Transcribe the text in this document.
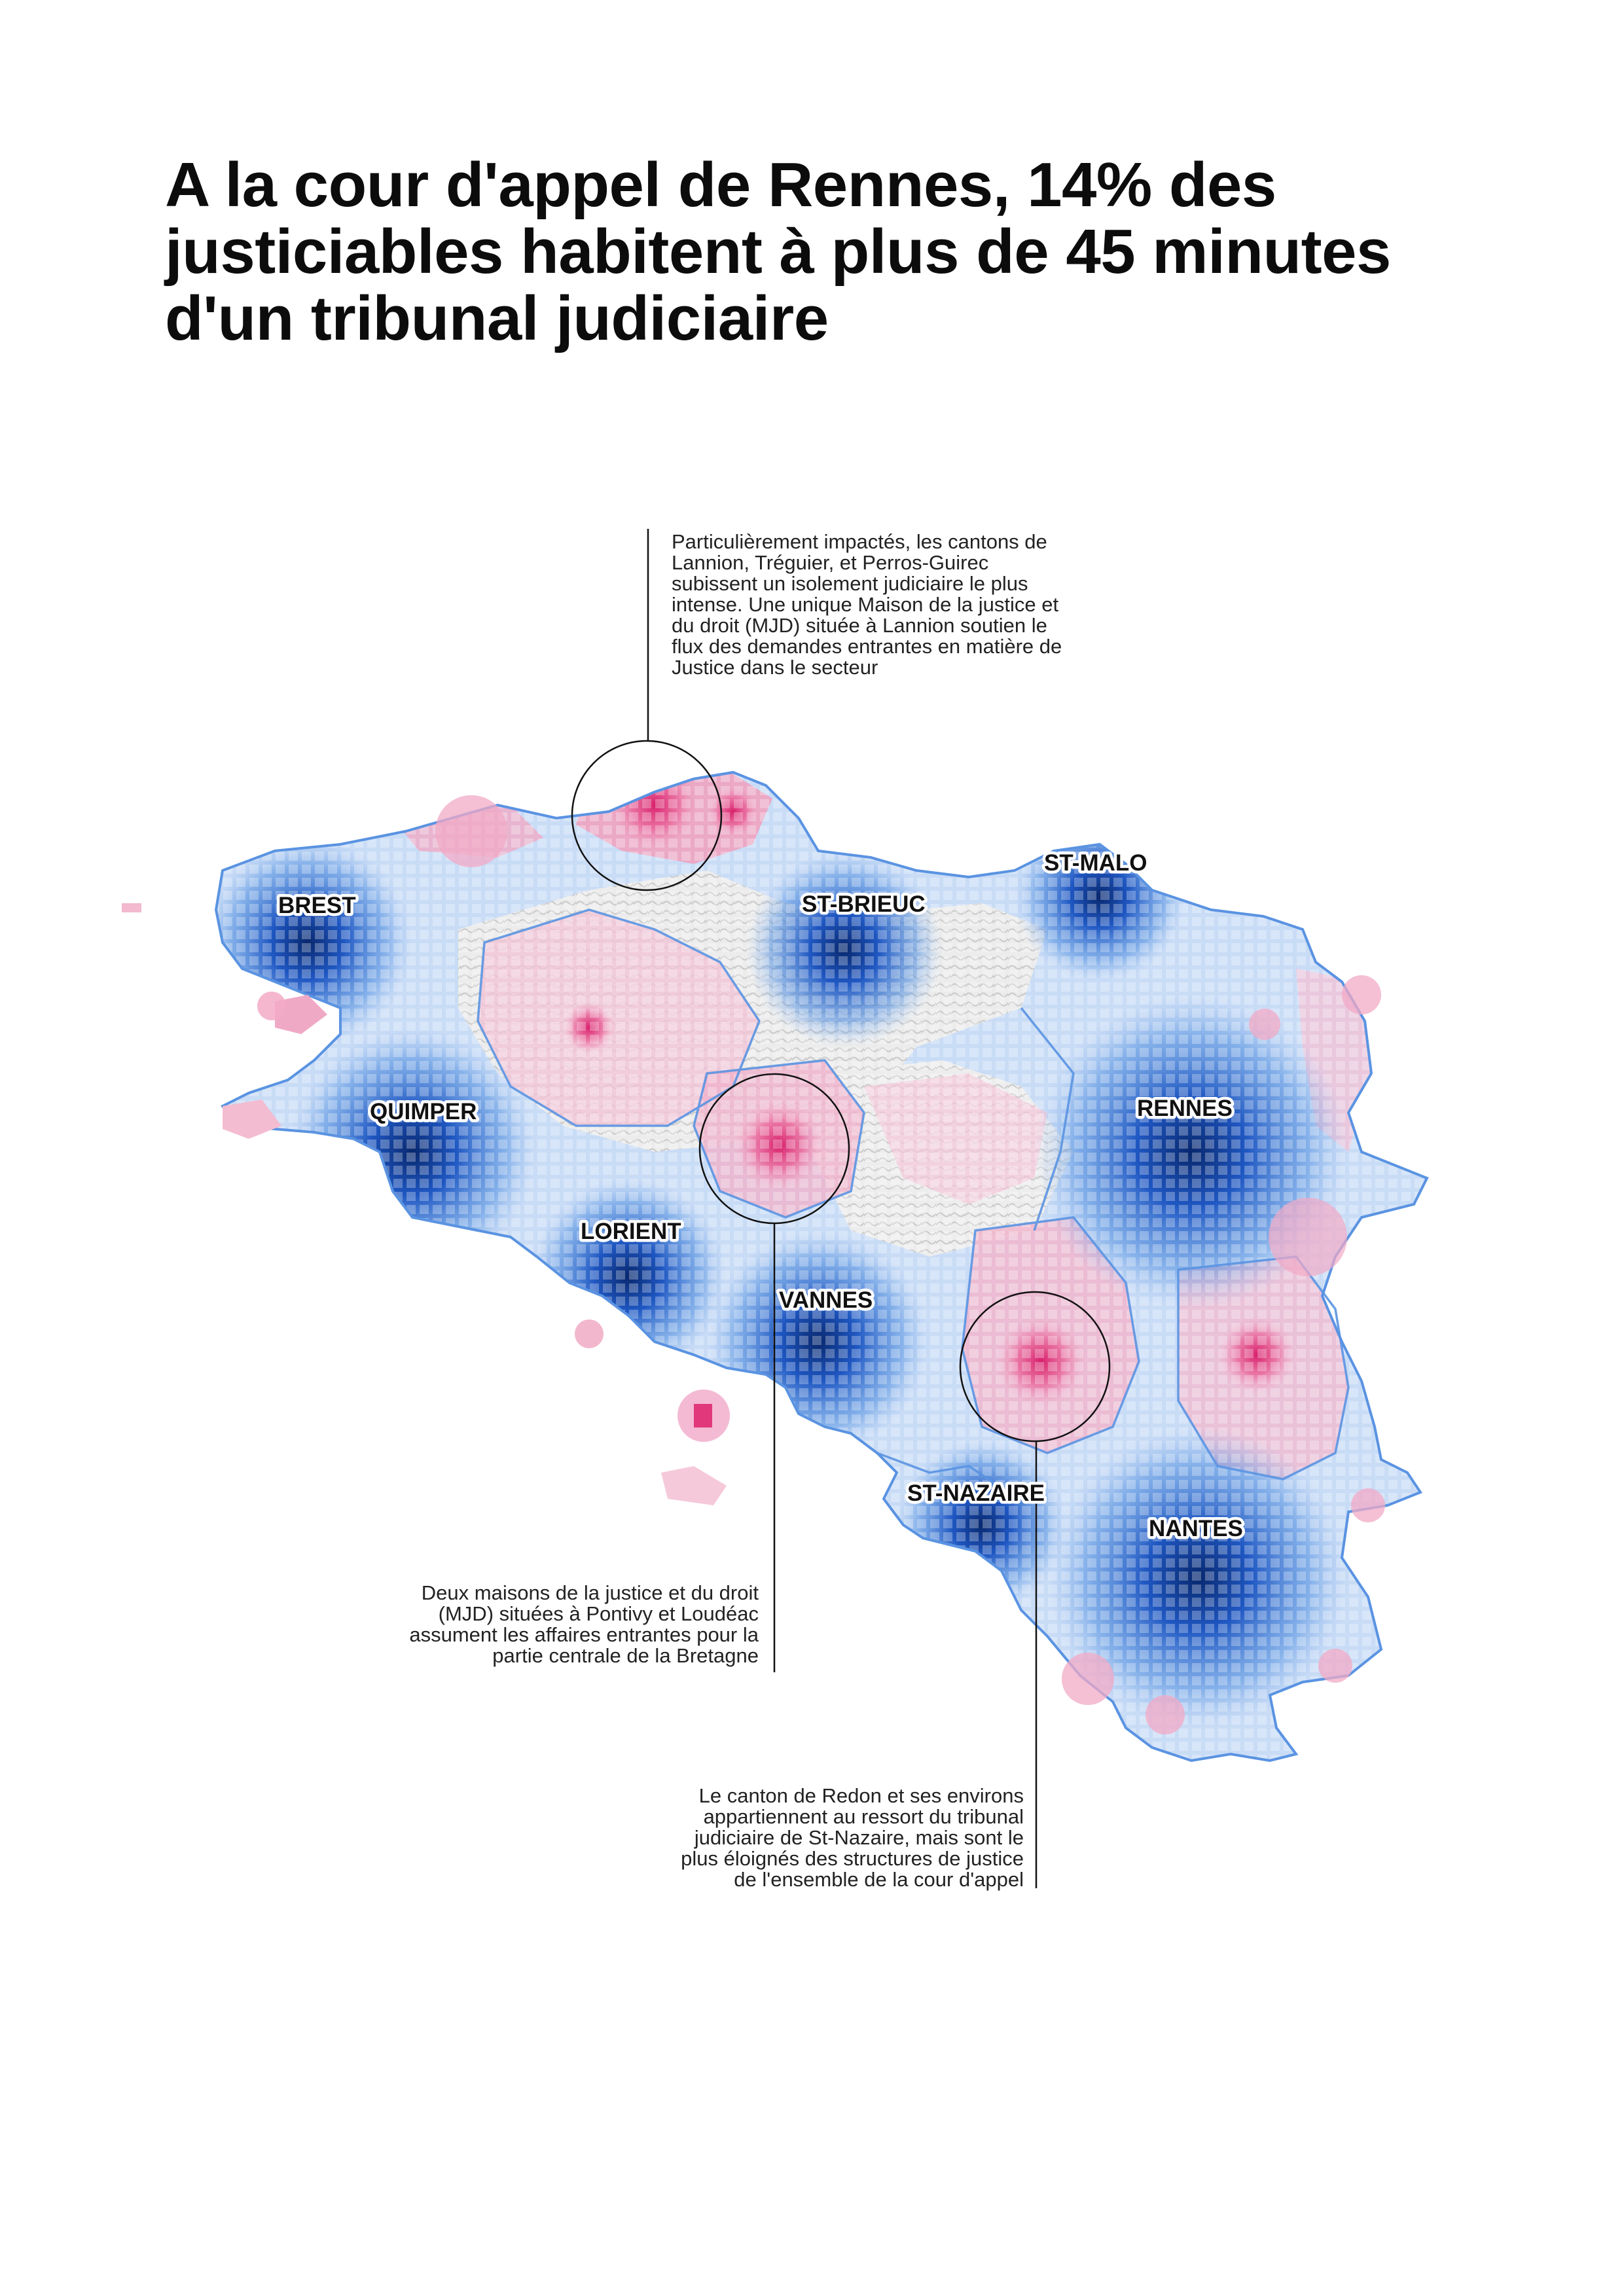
A la cour d'appel de Rennes, 14% des
justiciables habitent à plus de 45 minutes
d'un tribunal judiciaire
BREST
ST-MALO
ST-BRIEUC
QUIMPER	RENNES
LORIENT
VANNES
ST-NAZAIRE
NANTES
Particulièrement impactés, les cantons de
Lannion, Tréguier, et Perros-Guirec
subissent un isolement judiciaire le plus
intense. Une unique Maison de la justice et
du droit (MJD) située à Lannion soutien le
flux des demandes entrantes en matière de
Justice dans le secteur
Deux maisons de la justice et du droit
(MJD) situées à Pontivy et Loudéac
assument les affaires entrantes pour la
partie centrale de la Bretagne
Le canton de Redon et ses environs
appartiennent au ressort du tribunal
judiciaire de St-Nazaire, mais sont le
plus éloignés des structures de justice
de l'ensemble de la cour d'appel
